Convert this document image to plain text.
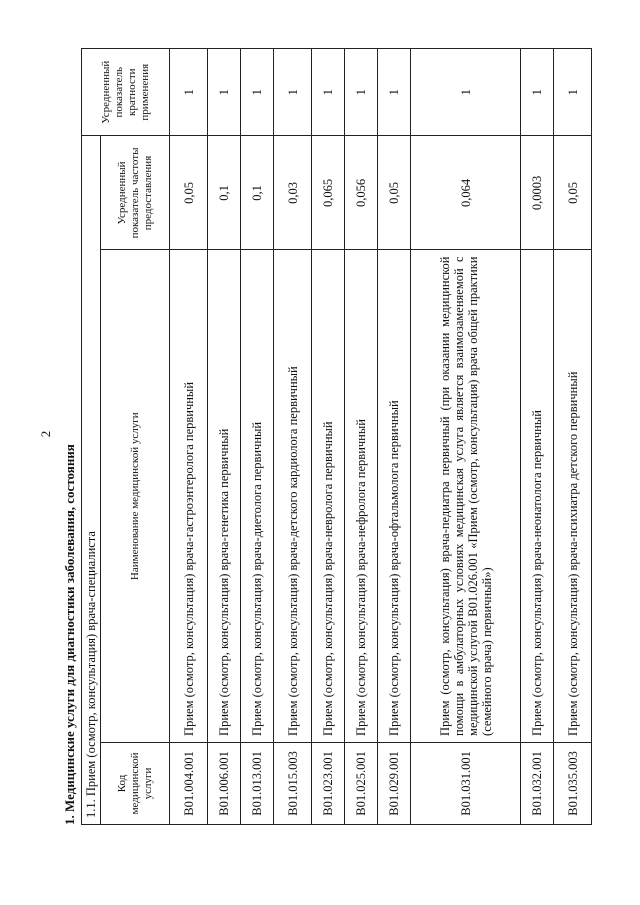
2
1. Медицинские услуги для диагностики заболевания, состояния 1.1. Прием (осмотр, консультация) врача-специалиста			Усредненный показатель кратности применения
Код медицинской услуги	Наименование медицинской услуги	Усредненный показатель частоты предоставления	
B01.004.001	Прием (осмотр, консультация) врача-гастроэнтеролога первичный	0,05	1
B01.006.001	Прием (осмотр, консультация) врача-генетика первичный	0,1	1
B01.013.001	Прием (осмотр, консультация) врача-диетолога первичный	0,1	1
B01.015.003	Прием (осмотр, консультация) врача-детского кардиолога первичный	0,03	1
B01.023.001	Прием (осмотр, консультация) врача-невролога первичный	0,065	1
B01.025.001	Прием (осмотр, консультация) врача-нефролога первичный	0,056	1
B01.029.001	Прием (осмотр, консультация) врача-офтальмолога первичный	0,05	1
B01.031.001	Прием (осмотр, консультация) врача-педиатра первичный (при оказании медицинской помощи в амбулаторных условиях медицинская услуга является взаимозаменяемой с медицинской услугой B01.026.001 «Прием (осмотр, консультация) врача общей практики (семейного врача) первичный»)	0,064	1
B01.032.001	Прием (осмотр, консультация) врача-неонатолога первичный	0,0003	1
B01.035.003	Прием (осмотр, консультация) врача-психиатра детского первичный	0,05	1
